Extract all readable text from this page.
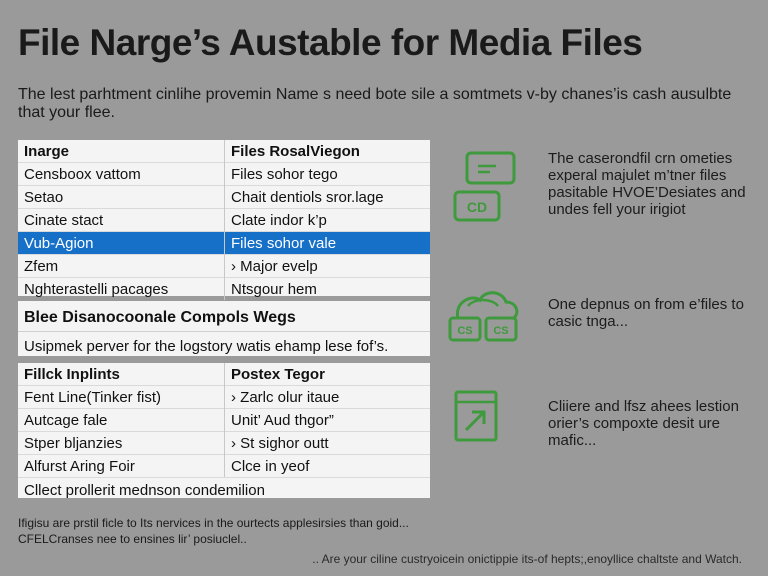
File Narge’s Austable for Media Files
The lest parhtment cinlihe provemin Name s need bote sile a somtmets v-by chanes’is cash ausulbte that your flee.
Inarge	Files RosalViegon
Censboox vattom	Files sohor tego
Setao	Chait dentiols sror.lage
Cinate stact	Clate indor k’p
Vub-Agion	Files sohor vale
Zfem	› Major evelp
Nghterastelli pacages	Ntsgour hem
Blee Disanocoonale Compols Wegs
Usipmek perver for the logstory watis ehamp lese fof’s.
Fillck Inplints	Postex Tegor
Fent Line(Tinker fist)	› Zarlc olur itaue
Autcage fale	Unit’ Aud thgor”
Stper bljanzies	› St sighor outt
Alfurst Aring Foir	Clce in yeof
Cllect prollerit mednson condemilion
CD
CS CS
The caserondfil crn ometies experal majulet m’tner files pasitable HVOE’Desiates and undes fell your irigiot
One depnus on from e’files to casic tnga...
Cliiere and lfsz ahees lestion orier’s compoxte desit ure mafic...
Ifigisu are prstil ficle to Its nervices in the ourtects applesirsies than goid...
CFELCranses nee to ensines lir’ posiuclel..
.. Are your ciline custryoicein onictippie its-of hepts;,enoyllice chaltste and Watch.
